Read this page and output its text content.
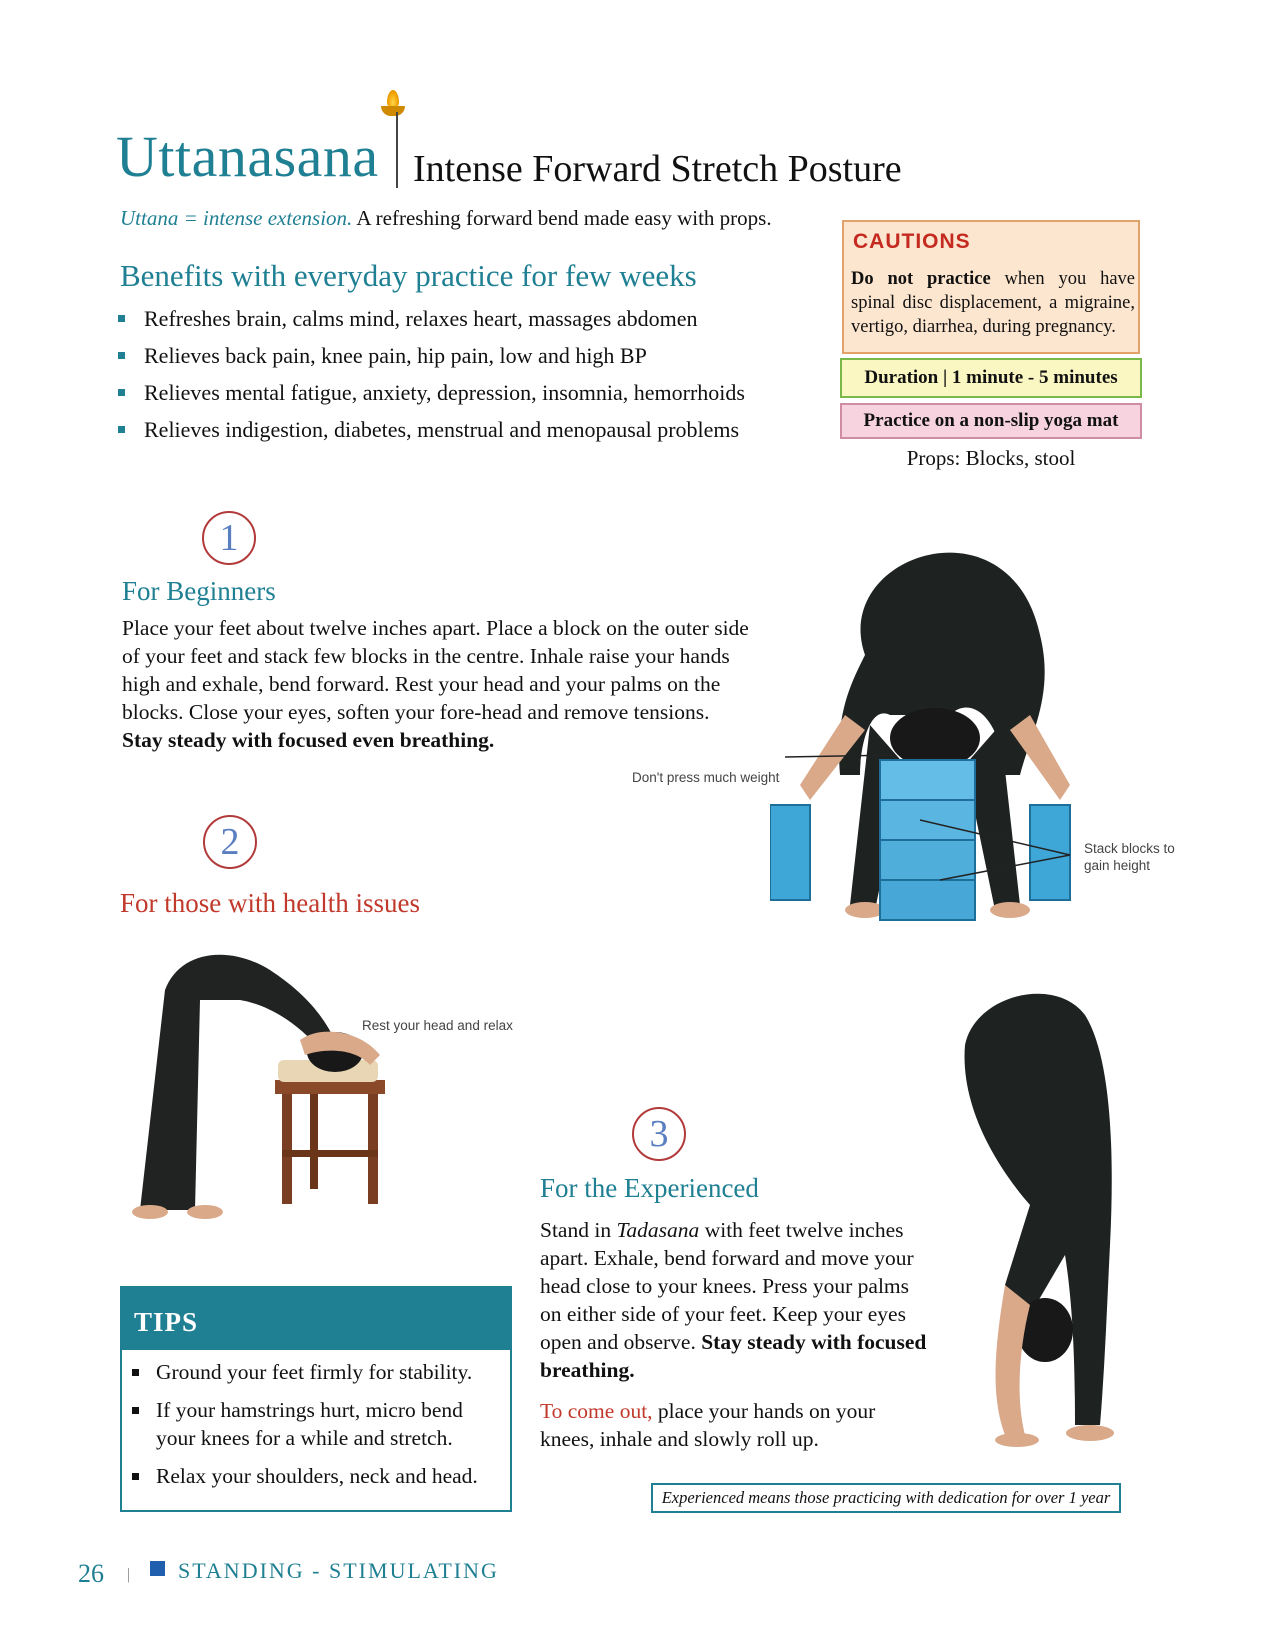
Uttanasana Intense Forward Stretch Posture
Uttana = intense extension. A refreshing forward bend made easy with props.
Benefits with everyday practice for few weeks
Refreshes brain, calms mind, relaxes heart, massages abdomen
Relieves back pain, knee pain, hip pain, low and high BP
Relieves mental fatigue, anxiety, depression, insomnia, hemorrhoids
Relieves indigestion, diabetes, menstrual and menopausal problems
CAUTIONS
Do not practice when you have spinal disc displacement, a migraine, vertigo, diarrhea, during pregnancy.
Duration | 1 minute - 5 minutes
Practice on a non-slip yoga mat
Props: Blocks, stool
1
For Beginners
Place your feet about twelve inches apart. Place a block on the outer side of your feet and stack few blocks in the centre. Inhale raise your hands high and exhale, bend forward. Rest your head and your palms on the blocks. Close your eyes, soften your fore-head and remove tensions. Stay steady with focused even breathing.
Don't press much weight
Stack blocks to gain height
2
For those with health issues
Rest your head and relax
3
For the Experienced
Stand in Tadasana with feet twelve inches apart. Exhale, bend forward and move your head close to your knees. Press your palms on either side of your feet. Keep your eyes open and observe. Stay steady with focused breathing.
To come out, place your hands on your knees, inhale and slowly roll up.
Experienced means those practicing with dedication for over 1 year
TIPS
Ground your feet firmly for stability.
If your hamstrings hurt, micro bend your knees for a while and stretch.
Relax your shoulders, neck and head.
26 | STANDING - STIMULATING
